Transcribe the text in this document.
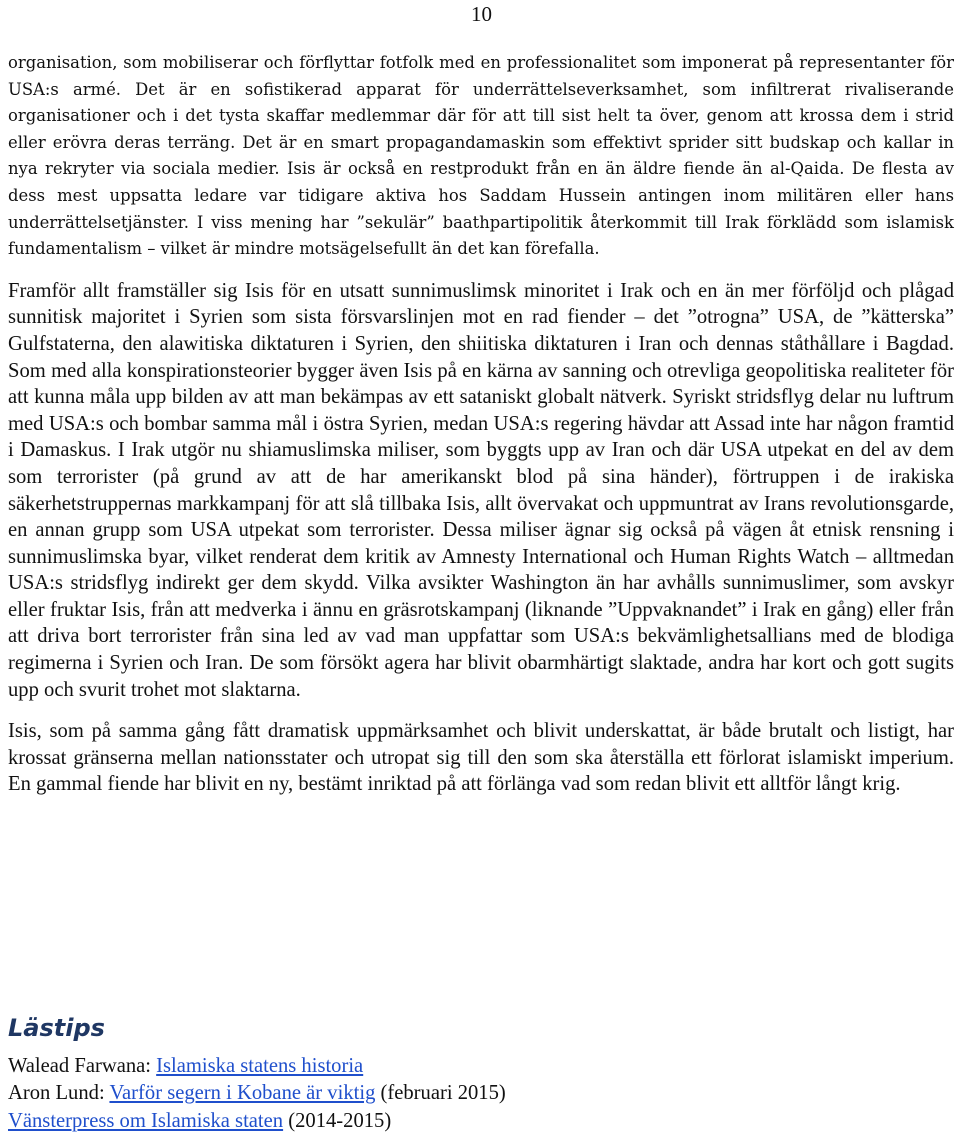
10

organisation, som mobiliserar och förflyttar fotfolk med en professionalitet som imponerat på representanter för USA:s armé. Det är en sofistikerad apparat för underrättelseverksamhet, som infiltrerat rivaliserande organisationer och i det tysta skaffar medlemmar där för att till sist helt ta över, genom att krossa dem i strid eller erövra deras terräng. Det är en smart propagandamaskin som effektivt sprider sitt budskap och kallar in nya rekryter via sociala medier. Isis är också en restprodukt från en än äldre fiende än al-Qaida. De flesta av dess mest uppsatta ledare var tidigare aktiva hos Saddam Hussein antingen inom militären eller hans underrättelsetjänster. I viss mening har ”sekulär” baathpartipolitik återkommit till Irak förklädd som islamisk fundamentalism – vilket är mindre motsägelsefullt än det kan förefalla.

Framför allt framställer sig Isis för en utsatt sunnimuslimsk minoritet i Irak och en än mer förföljd och plågad sunnitisk majoritet i Syrien som sista försvarslinjen mot en rad fiender – det ”otrogna” USA, de ”kätterska” Gulfstaterna, den alawitiska diktaturen i Syrien, den shiitiska diktaturen i Iran och dennas ståthållare i Bagdad. Som med alla konspirationsteorier bygger även Isis på en kärna av sanning och otrevliga geopolitiska realiteter för att kunna måla upp bilden av att man bekämpas av ett sataniskt globalt nätverk. Syriskt stridsflyg delar nu luftrum med USA:s och bombar samma mål i östra Syrien, medan USA:s regering hävdar att Assad inte har någon framtid i Damaskus. I Irak utgör nu shiamuslimska miliser, som byggts upp av Iran och där USA utpekat en del av dem som terrorister (på grund av att de har amerikanskt blod på sina händer), förtruppen i de irakiska säkerhetstruppernas markkampanj för att slå tillbaka Isis, allt övervakat och uppmuntrat av Irans revolutionsgarde, en annan grupp som USA utpekat som terrorister. Dessa miliser ägnar sig också på vägen åt etnisk rensning i sunnimuslimska byar, vilket renderat dem kritik av Amnesty International och Human Rights Watch – alltmedan USA:s stridsflyg indirekt ger dem skydd. Vilka avsikter Washington än har avhålls sunnimuslimer, som avskyr eller fruktar Isis, från att medverka i ännu en gräsrotskampanj (liknande ”Uppvaknandet” i Irak en gång) eller från att driva bort terrorister från sina led av vad man uppfattar som USA:s bekvämlighetsallians med de blodiga regimerna i Syrien och Iran. De som försökt agera har blivit obarmhärtigt slaktade, andra har kort och gott sugits upp och svurit trohet mot slaktarna.

Isis, som på samma gång fått dramatisk uppmärksamhet och blivit underskattat, är både brutalt och listigt, har krossat gränserna mellan nationsstater och utropat sig till den som ska återställa ett förlorat islamiskt imperium. En gammal fiende har blivit en ny, bestämt inriktad på att förlänga vad som redan blivit ett alltför långt krig.

Lästips
Walead Farwana: Islamiska statens historia
Aron Lund: Varför segern i Kobane är viktig (februari 2015)
Vänsterpress om Islamiska staten (2014-2015)
